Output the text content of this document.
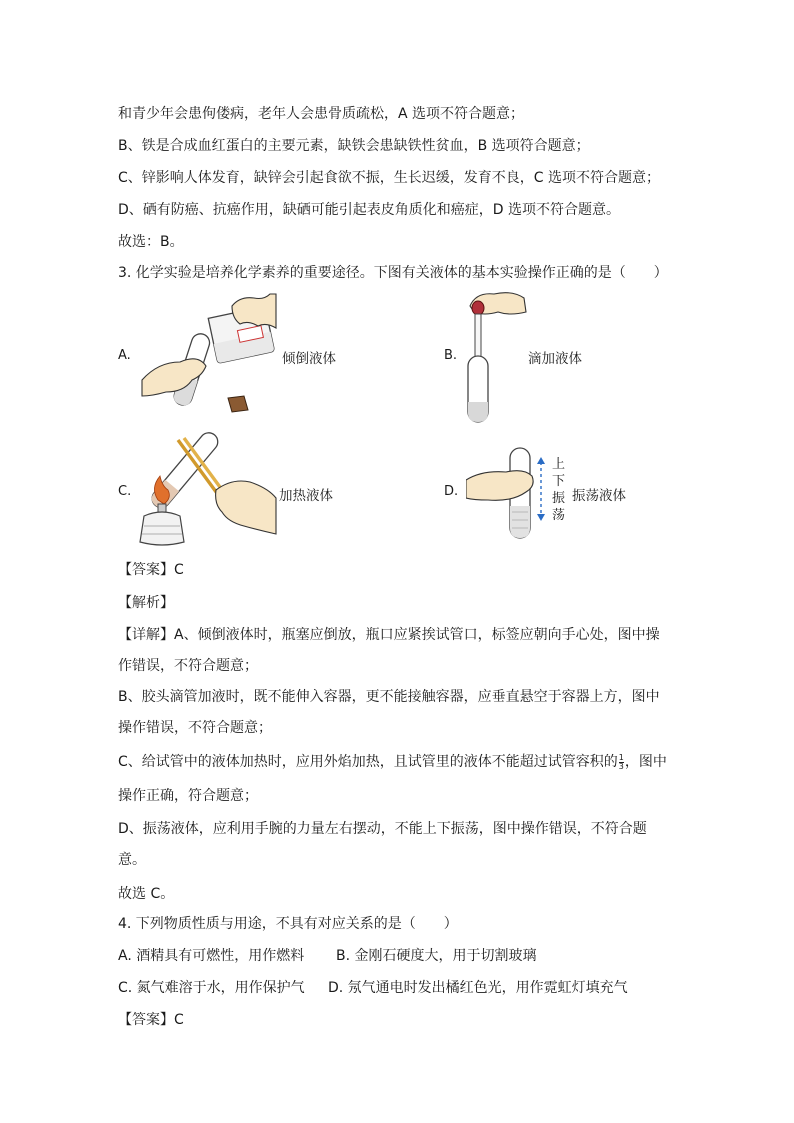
和青少年会患佝偻病，老年人会患骨质疏松，A 选项不符合题意；
B、铁是合成血红蛋白的主要元素，缺铁会患缺铁性贫血，B 选项符合题意；
C、锌影响人体发育，缺锌会引起食欲不振，生长迟缓，发育不良，C 选项不符合题意；
D、硒有防癌、抗癌作用，缺硒可能引起表皮角质化和癌症，D 选项不符合题意。
故选：B。
3. 化学实验是培养化学素养的重要途径。下图有关液体的基本实验操作正确的是（　　）
A.	倾倒液体	B.	滴加液体
C.	加热液体	D.
上
下
振
荡
振荡液体
【答案】C
【解析】
【详解】A、倾倒液体时，瓶塞应倒放，瓶口应紧挨试管口，标签应朝向手心处，图中操
作错误，不符合题意；
B、胶头滴管加液时，既不能伸入容器，更不能接触容器，应垂直悬空于容器上方，图中
操作错误，不符合题意；
C、给试管中的液体加热时，应用外焰加热，且试管里的液体不能超过试管容积的 $\frac{1}{3}$ ，图中
操作正确，符合题意；
D、振荡液体，应利用手腕的力量左右摆动，不能上下振荡，图中操作错误，不符合题
意。
故选 C。
4. 下列物质性质与用途，不具有对应关系的是（　　）
A. 酒精具有可燃性，用作燃料 B. 金刚石硬度大，用于切割玻璃
C. 氮气难溶于水，用作保护气 D. 氖气通电时发出橘红色光，用作霓虹灯填充气
【答案】C
